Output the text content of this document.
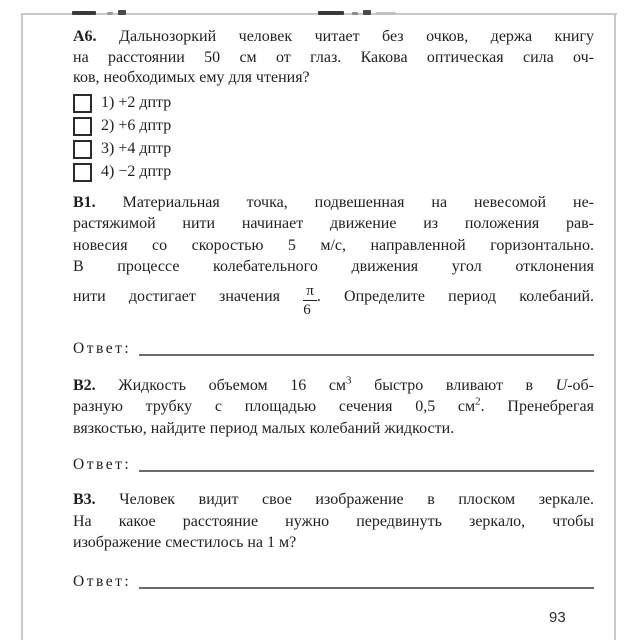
А6. Дальнозоркий человек читает без очков, держа книгу
на расстоянии 50 см от глаз. Какова оптическая сила оч-
ков, необходимых ему для чтения?
1) +2 дптр
2) +6 дптр
3) +4 дптр
4) −2 дптр
В1. Материальная точка, подвешенная на невесомой не-
растяжимой нити начинает движение из положения рав-
новесия со скоростью 5 м/с, направленной горизонтально.
В процессе колебательного движения угол отклонения
нити достигает значения $\frac{\pi}{6}$ . Определите период колебаний.
Ответ:
В2. Жидкость объемом 16 $см^3$ быстро вливают в U-об-
разную трубку с площадью сечения 0,5 $см^2$. Пренебрегая
вязкостью, найдите период малых колебаний жидкости.
Ответ:
В3. Человек видит свое изображение в плоском зеркале.
На какое расстояние нужно передвинуть зеркало, чтобы
изображение сместилось на 1 м?
Ответ:
93
